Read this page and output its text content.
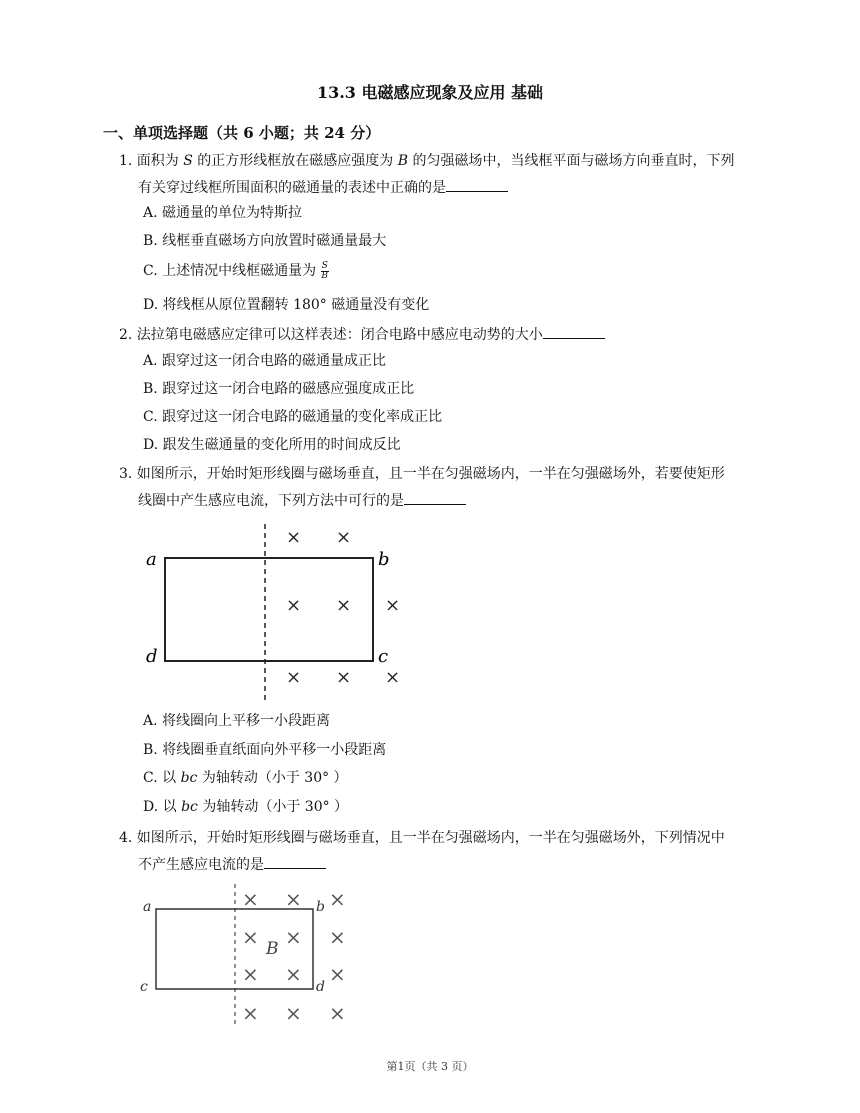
13.3 电磁感应现象及应用 基础
一、单项选择题（共 6 小题；共 24 分）
1. 面积为 S 的正方形线框放在磁感应强度为 B 的匀强磁场中，当线框平面与磁场方向垂直时，下列
有关穿过线框所围面积的磁通量的表述中正确的是
A. 磁通量的单位为特斯拉
B. 线框垂直磁场方向放置时磁通量最大
C. 上述情况中线框磁通量为 $\frac{S}{B}$
D. 将线框从原位置翻转 180° 磁通量没有变化
2. 法拉第电磁感应定律可以这样表述：闭合电路中感应电动势的大小
A. 跟穿过这一闭合电路的磁通量成正比
B. 跟穿过这一闭合电路的磁感应强度成正比
C. 跟穿过这一闭合电路的磁通量的变化率成正比
D. 跟发生磁通量的变化所用的时间成反比
3. 如图所示，开始时矩形线圈与磁场垂直，且一半在匀强磁场内，一半在匀强磁场外，若要使矩形
线圈中产生感应电流，下列方法中可行的是
a	b
c
d
× ×
× × ×
× × ×
A. 将线圈向上平移一小段距离
B. 将线圈垂直纸面向外平移一小段距离
C. 以 bc 为轴转动（小于 30° ）
D. 以 bc 为轴转动（小于 30° ）
4. 如图所示，开始时矩形线圈与磁场垂直，且一半在匀强磁场内，一半在匀强磁场外，下列情况中
不产生感应电流的是
a	b
c	d
B
× × ×
× × ×
× × ×
× × ×
第1页（共 3 页）
